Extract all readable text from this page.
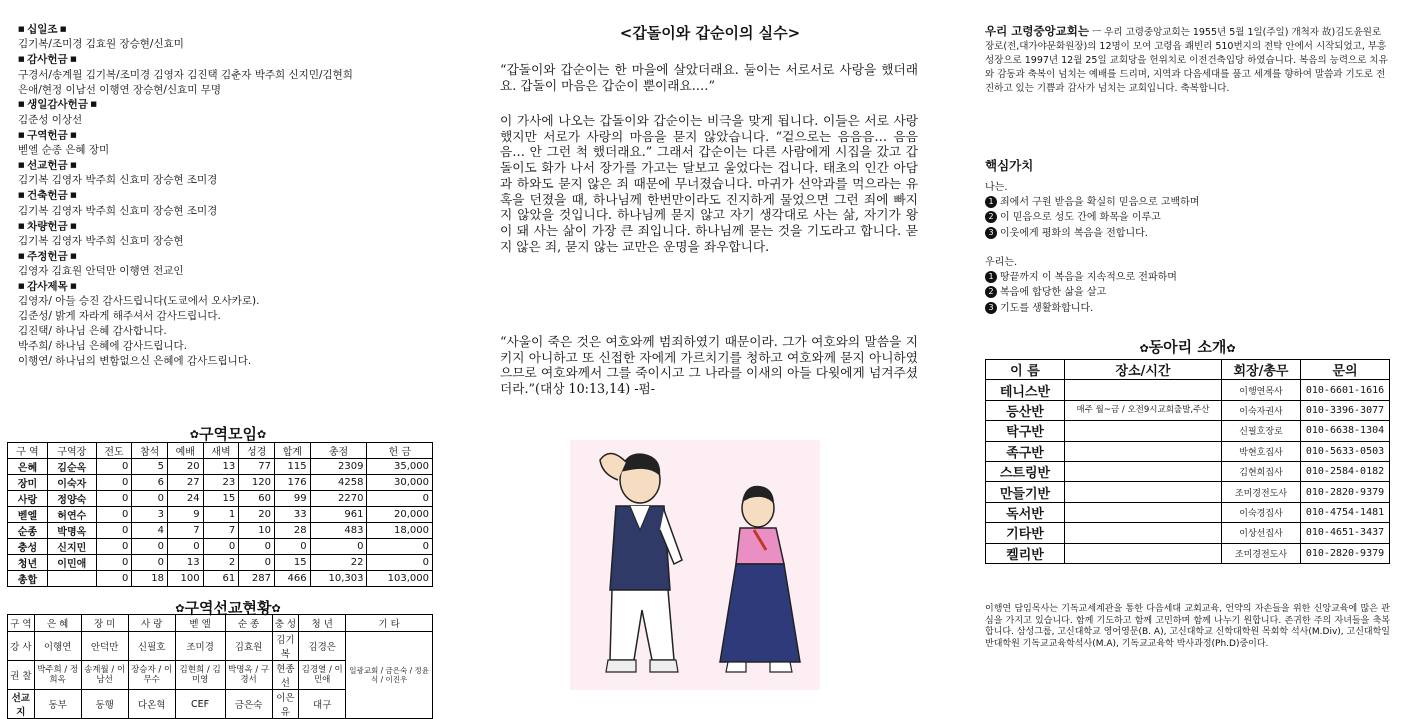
■ 십일조 ■
김기복/조미경 김효원 장승현/신효미
■ 감사헌금 ■
구경서/송계월 김기복/조미경 김영자 김진택 김춘자 박주희 신지민/김현희
은애/현정 이남선 이행연 장승현/신효미 무명
■ 생일감사헌금 ■
김준성 이상선
■ 구역헌금 ■
벧엘 순종 은혜 장미
■ 선교헌금 ■
김기복 김영자 박주희 신효미 장승현 조미경
■ 건축헌금 ■
김기복 김영자 박주희 신효미 장승현 조미경
■ 차량헌금 ■
김기복 김영자 박주희 신효미 장승현
■ 주정헌금 ■
김영자 김효원 안덕만 이행연 전교인
■ 감사제목 ■
김영자/ 아들 승진 감사드립니다(도쿄에서 오사카로).
김준성/ 밝게 자라게 해주셔서 감사드립니다.
김진택/ 하나님 은혜 감사합니다.
박주희/ 하나님 은혜에 감사드립니다.
이행연/ 하나님의 변함없으신 은혜에 감사드립니다.
✿구역모임✿
구 역	구역장	전도	참석	예배	새벽	성경	합계	총점	헌 금
은혜	김순옥	0	5	20	13	77	115	2309	35,000
장미	이숙자	0	6	27	23	120	176	4258	30,000
사랑	정양숙	0	0	24	15	60	99	2270	0
벧엘	허연수	0	3	9	1	20	33	961	20,000
순종	박명옥	0	4	7	7	10	28	483	18,000
충성	신지민	0	0	0	0	0	0	0	0
청년	이민애	0	0	13	2	0	15	22	0
총합		0	18	100	61	287	466	10,303	103,000
✿구역선교현황✿
구 역	은 혜	장 미	사 랑	벧 엘	순 종	충 성	청 년	기 타
강 사	이행연	안덕만	신필호	조미경	김효원	김기복	김경은	일광교회 / 금은숙 / 정윤식 / 이진우
권 찰	박주희 / 정희옥	송계월 / 이남선	장승자 / 이무수	김현희 / 김미영	박명옥 / 구경서	현종선	김경열 / 이민애	
선교지	동부	동행	다온혁	CEF	금은숙	이은유	대구	
<갑돌이와 갑순이의 실수>

“갑돌이와 갑순이는 한 마을에 살았더래요. 둘이는 서로서로 사랑을 했더래요. 갑돌이 마음은 갑순이 뿐이래요.…”

이 가사에 나오는 갑돌이와 갑순이는 비극을 맞게 됩니다. 이들은 서로 사랑했지만 서로가 사랑의 마음을 묻지 않았습니다. “겉으로는 음음음… 음음음… 안 그런 척 했더래요.” 그래서 갑순이는 다른 사람에게 시집을 갔고 갑돌이도 화가 나서 장가를 가고는 달보고 울었다는 겁니다. 태초의 인간 아담과 하와도 묻지 않은 죄 때문에 무너졌습니다. 마귀가 선악과를 먹으라는 유혹을 던졌을 때, 하나님께 한번만이라도 진지하게 물었으면 그런 죄에 빠지지 않았을 것입니다. 하나님께 묻지 않고 자기 생각대로 사는 삶, 자기가 왕이 돼 사는 삶이 가장 큰 죄입니다. 하나님께 묻는 것을 기도라고 합니다. 묻지 않은 죄, 묻지 않는 교만은 운명을 좌우합니다.

“사울이 죽은 것은 여호와께 범죄하였기 때문이라. 그가 여호와의 말씀을 지키지 아니하고 또 신접한 자에게 가르치기를 청하고 여호와께 묻지 아니하였으므로 여호와께서 그를 죽이시고 그 나라를 이새의 아들 다윗에게 넘겨주셨더라.”(대상 10:13,14) -펌-

우리 고령중앙교회는 ㅡ 우리 고령중앙교회는 1955년 5월 1일(주일) 개척자 故)김도윤원로장로(전,대가야문화원장)의 12명이 모여 고령읍 쾌빈리 510번지의 전탁 안에서 시작되었고, 부흥성장으로 1997년 12월 25일 교회당을 헌위치로 이전건축입당 하였습니다. 복음의 능력으로 치유와 감동과 축복이 넘치는 예배를 드리며, 지역과 다음세대를 품고 세계를 향하여 말씀과 기도로 전진하고 있는 기쁨과 감사가 넘치는 교회입니다. 축복합니다.

핵심가치
나는.
1 죄에서 구원 받음을 확실히 믿음으로 고백하며
2 이 믿음으로 성도 간에 화목을 이루고
3 이웃에게 평화의 복음을 전합니다.
우리는.
1 땅끝까지 이 복음을 지속적으로 전파하며
2 복음에 합당한 삶을 살고
3 기도를 생활화합니다.
✿동아리 소개✿
이 름	장소/시간	회장/총무	문의
테니스반		이행연목사	010-6601-1616
등산반	매주 월~금 / 오전9시교회출발,주산	이숙자권사	010-3396-3077
탁구반		신필호장로	010-6638-1304
족구반		박현호집사	010-5633-0503
스트링반		김현희집사	010-2584-0182
만들기반		조미경전도사	010-2820-9379
독서반		이숙경집사	010-4754-1481
기타반		이상선집사	010-4651-3437
켈리반		조미경전도사	010-2820-9379

이행연 담임목사는 기독교세계관을 통한 다음세대 교회교육, 언약의 자손들을 위한 신앙교육에 많은 관심을 가지고 있습니다. 함께 기도하고 함께 고민하며 함께 나누기 원합니다. 존귀한 주의 자녀들을 축복합니다. 삼성그룹, 고신대학교 영어영문(B. A), 고신대학교 신학대학원 목회학 석사(M.Div), 고신대학일반대학원 기독교교육학석사(M.A), 기독교교육학 박사과정(Ph.D)중이다.
